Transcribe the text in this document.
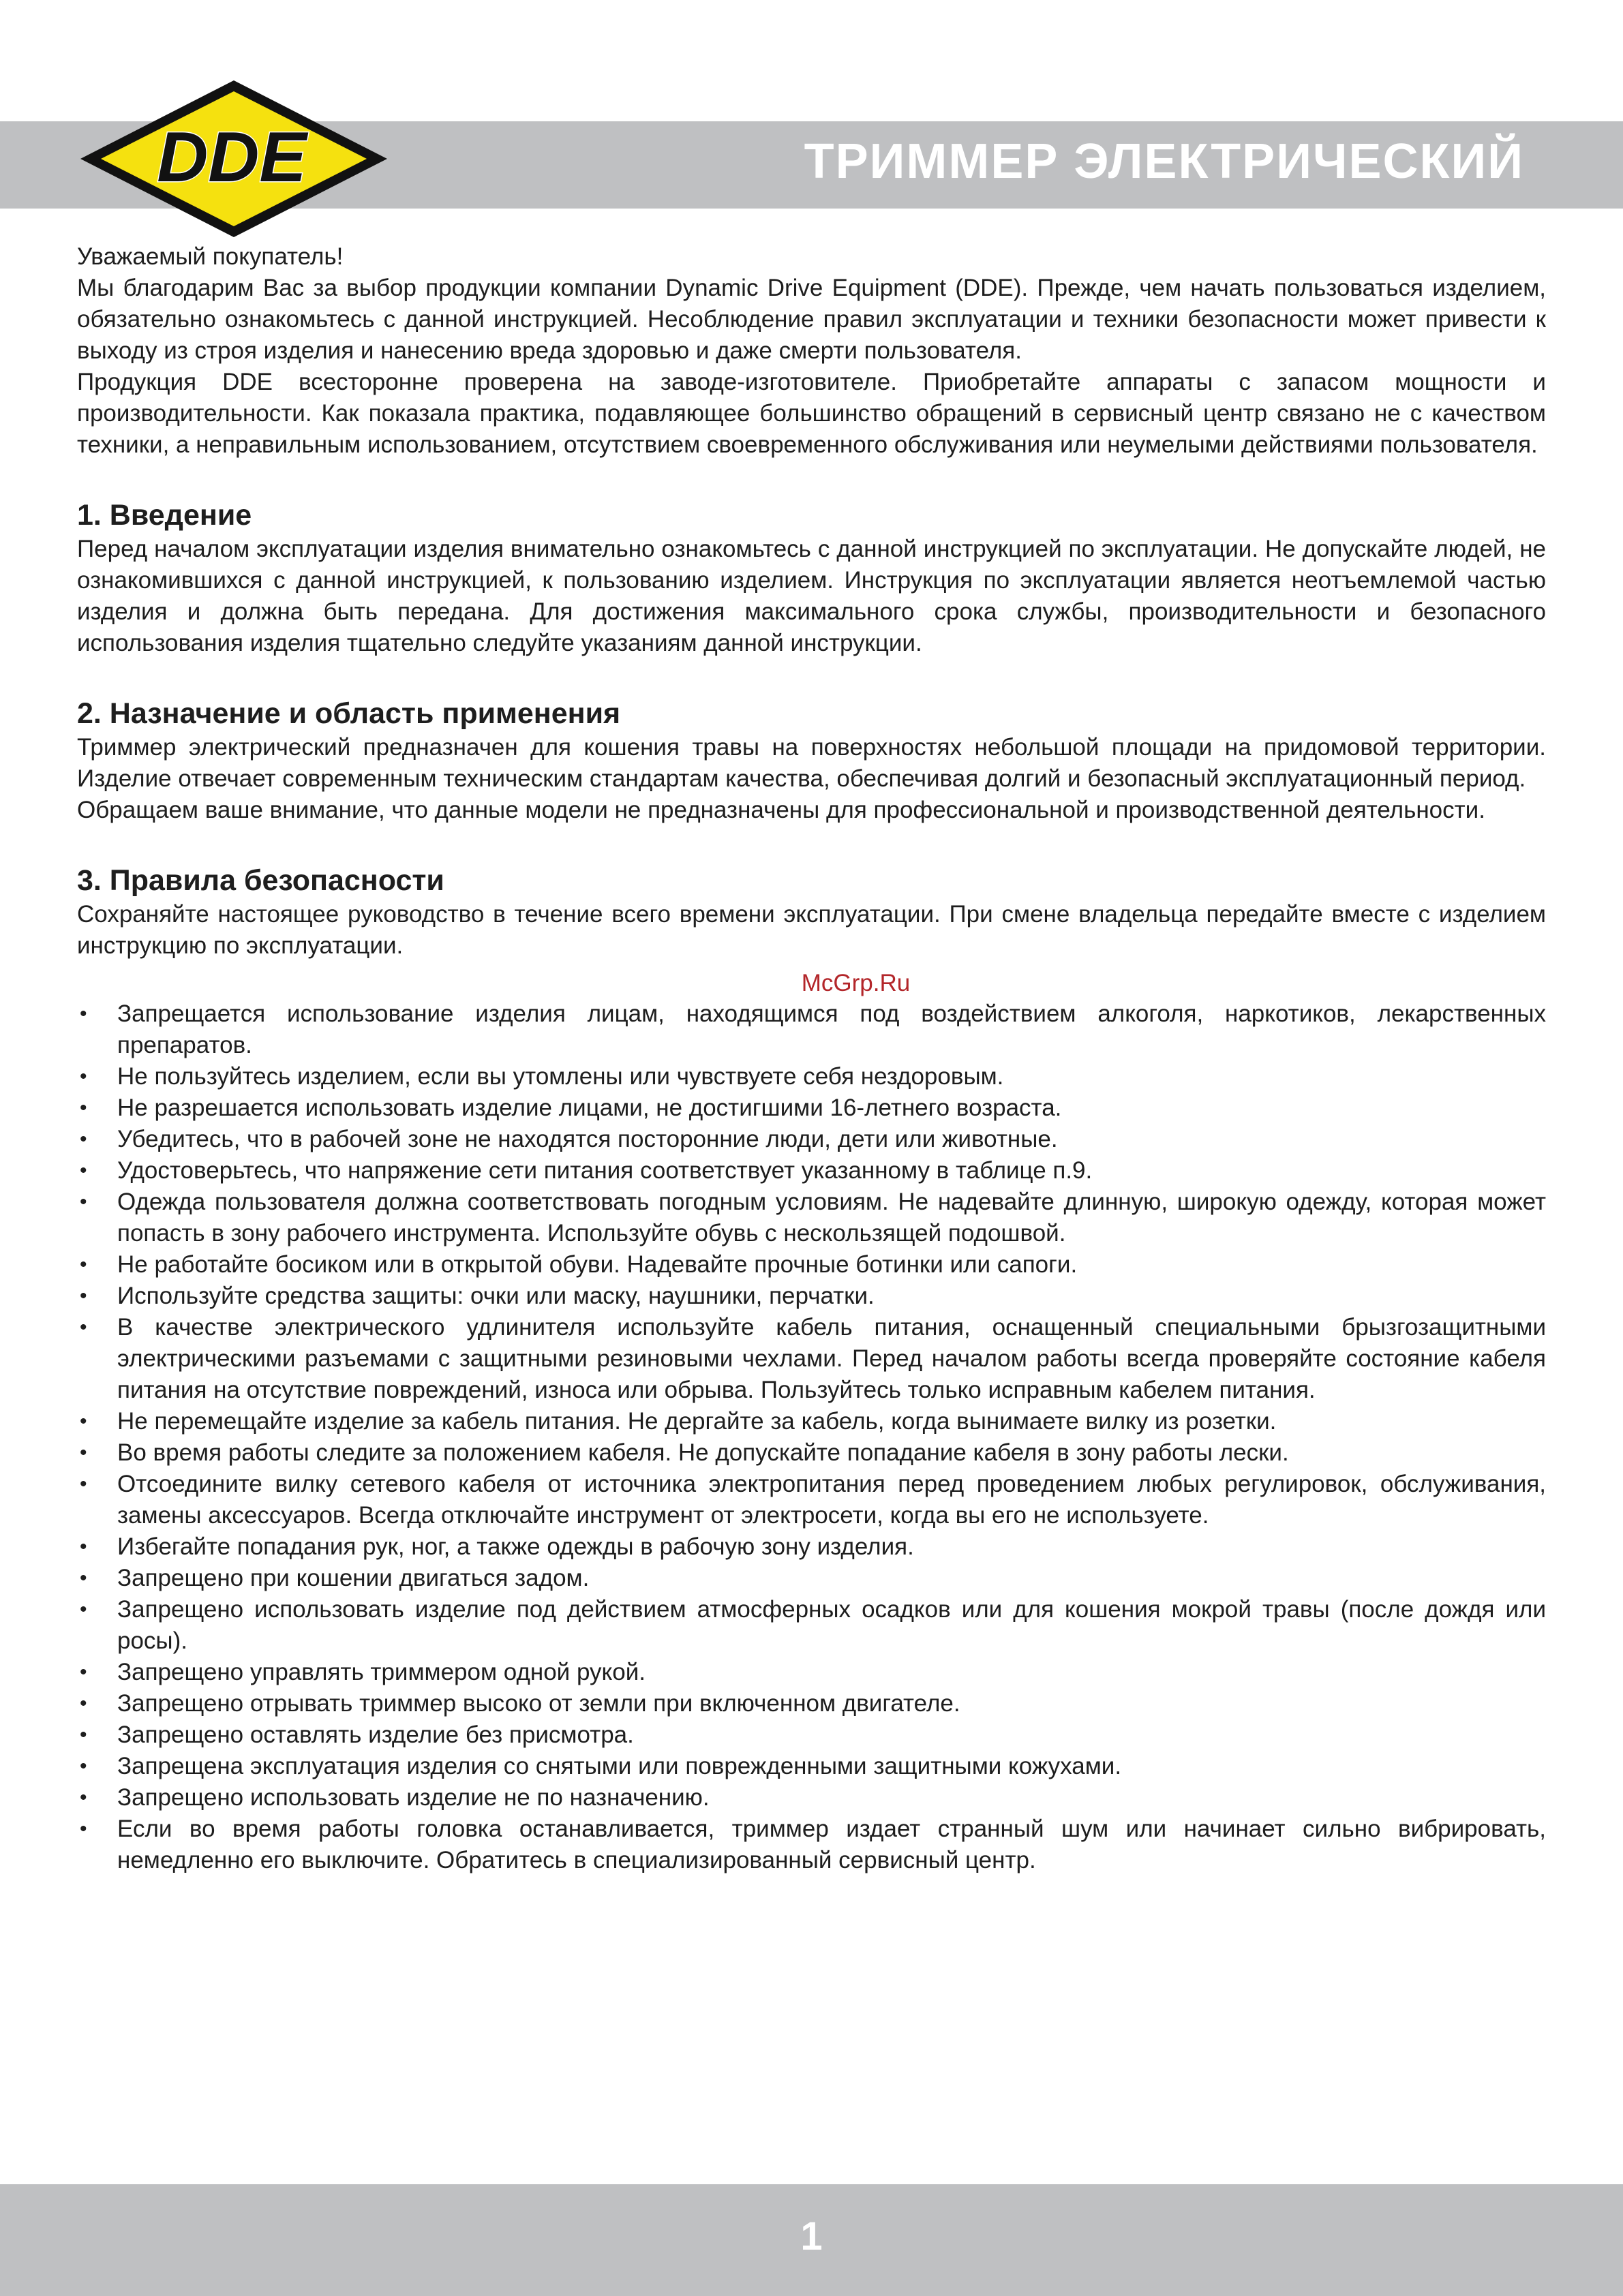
ТРИММЕР ЭЛЕКТРИЧЕСКИЙ
DDE

Уважаемый покупатель!

Мы благодарим Вас за выбор продукции компании Dynamic Drive Equipment (DDE). Прежде, чем начать пользоваться изделием, обязательно ознакомьтесь с данной инструкцией. Несоблюдение правил эксплуатации и техники безопасности может привести к выходу из строя изделия и нанесению вреда здоровью и даже смерти пользователя.

Продукция DDE всесторонне проверена на заводе-изготовителе. Приобретайте аппараты с запасом мощности и производительности. Как показала практика, подавляющее большинство обращений в сервисный центр связано не с качеством техники, а неправильным использованием, отсутствием своевременного обслуживания или неумелыми действиями пользователя.

1. Введение

Перед началом эксплуатации изделия внимательно ознакомьтесь с данной инструкцией по эксплуатации. Не допускайте людей, не ознакомившихся с данной инструкцией, к пользованию изделием. Инструкция по эксплуатации является неотъемлемой частью изделия и должна быть передана. Для достижения максимального срока службы, производительности и безопасного использования изделия тщательно следуйте указаниям данной инструкции.

2. Назначение и область применения

Триммер электрический предназначен для кошения травы на поверхностях небольшой площади на придомовой территории. Изделие отвечает современным техническим стандартам качества, обеспечивая долгий и безопасный эксплуатационный период.

Обращаем ваше внимание, что данные модели не предназначены для профессиональной и производственной деятельности.

3. Правила безопасности

Сохраняйте настоящее руководство в течение всего времени эксплуатации. При смене владельца передайте вместе с изделием инструкцию по эксплуатации.

McGrp.Ru
• Запрещается использование изделия лицам, находящимся под воздействием алкоголя, наркотиков, лекарственных препаратов.
• Не пользуйтесь изделием, если вы утомлены или чувствуете себя нездоровым.
• Не разрешается использовать изделие лицами, не достигшими 16-летнего возраста.
• Убедитесь, что в рабочей зоне не находятся посторонние люди, дети или животные.
• Удостоверьтесь, что напряжение сети питания соответствует указанному в таблице п.9.
• Одежда пользователя должна соответствовать погодным условиям. Не надевайте длинную, широкую одежду, которая может попасть в зону рабочего инструмента. Используйте обувь с нескользящей подошвой.
• Не работайте босиком или в открытой обуви. Надевайте прочные ботинки или сапоги.
• Используйте средства защиты: очки или маску, наушники, перчатки.
• В качестве электрического удлинителя используйте кабель питания, оснащенный специальными брызгозащитными электрическими разъемами с защитными резиновыми чехлами. Перед началом работы всегда проверяйте состояние кабеля питания на отсутствие повреждений, износа или обрыва. Пользуйтесь только исправным кабелем питания.
• Не перемещайте изделие за кабель питания. Не дергайте за кабель, когда вынимаете вилку из розетки.
• Во время работы следите за положением кабеля. Не допускайте попадание кабеля в зону работы лески.
• Отсоедините вилку сетевого кабеля от источника электропитания перед проведением любых регулировок, обслуживания, замены аксессуаров. Всегда отключайте инструмент от электросети, когда вы его не используете.
• Избегайте попадания рук, ног, а также одежды в рабочую зону изделия.
• Запрещено при кошении двигаться задом.
• Запрещено использовать изделие под действием атмосферных осадков или для кошения мокрой травы (после дождя или росы).
• Запрещено управлять триммером одной рукой.
• Запрещено отрывать триммер высоко от земли при включенном двигателе.
• Запрещено оставлять изделие без присмотра.
• Запрещена эксплуатация изделия со снятыми или поврежденными защитными кожухами.
• Запрещено использовать изделие не по назначению.
• Если во время работы головка останавливается, триммер издает странный шум или начинает сильно вибрировать, немедленно его выключите. Обратитесь в специализированный сервисный центр.
1
